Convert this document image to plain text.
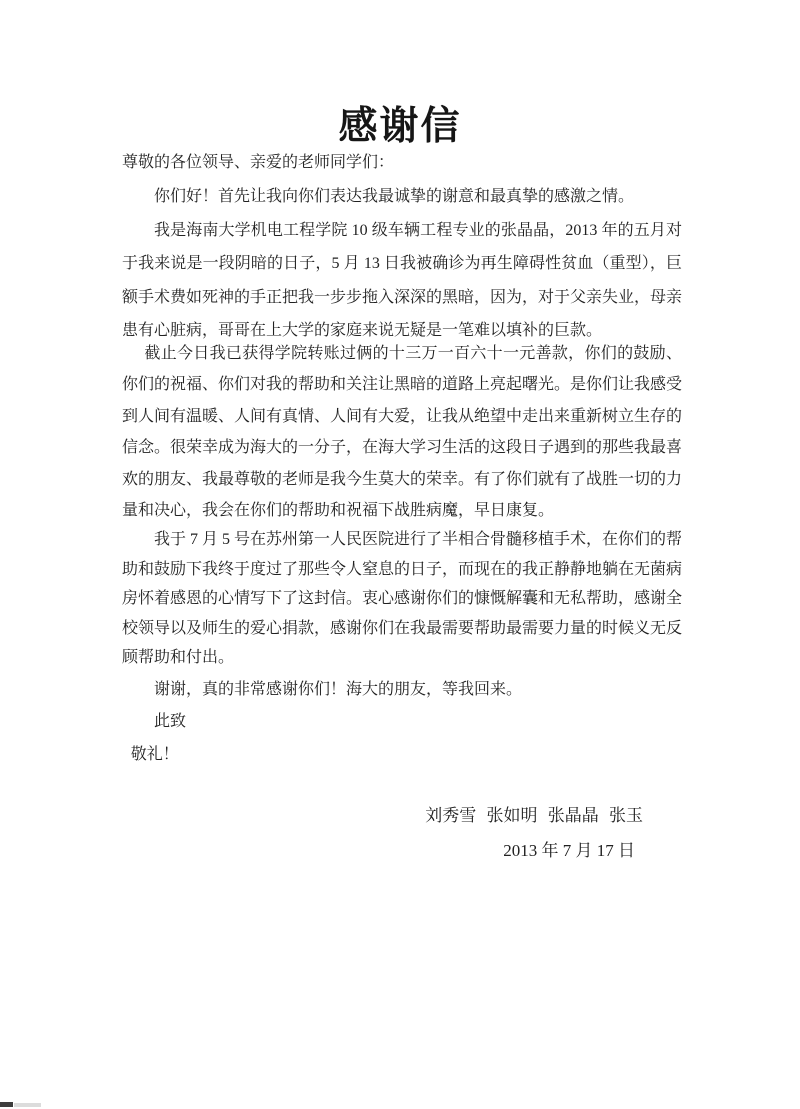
感谢信

尊敬的各位领导、亲爱的老师同学们：

你们好！首先让我向你们表达我最诚挚的谢意和最真挚的感激之情。

我是海南大学机电工程学院 10 级车辆工程专业的张晶晶，2013 年的五月对于我来说是一段阴暗的日子，5 月 13 日我被确诊为再生障碍性贫血（重型），巨额手术费如死神的手正把我一步步拖入深深的黑暗，因为，对于父亲失业，母亲患有心脏病，哥哥在上大学的家庭来说无疑是一笔难以填补的巨款。

截止今日我已获得学院转账过俩的十三万一百六十一元善款，你们的鼓励、你们的祝福、你们对我的帮助和关注让黑暗的道路上亮起曙光。是你们让我感受到人间有温暖、人间有真情、人间有大爱，让我从绝望中走出来重新树立生存的信念。很荣幸成为海大的一分子，在海大学习生活的这段日子遇到的那些我最喜欢的朋友、我最尊敬的老师是我今生莫大的荣幸。有了你们就有了战胜一切的力量和决心，我会在你们的帮助和祝福下战胜病魔，早日康复。

我于 7 月 5 号在苏州第一人民医院进行了半相合骨髓移植手术，在你们的帮助和鼓励下我终于度过了那些令人窒息的日子，而现在的我正静静地躺在无菌病房怀着感恩的心情写下了这封信。衷心感谢你们的慷慨解囊和无私帮助，感谢全校领导以及师生的爱心捐款，感谢你们在我最需要帮助最需要力量的时候义无反顾帮助和付出。

谢谢，真的非常感谢你们！海大的朋友，等我回来。

此致

敬礼！

刘秀雪 张如明 张晶晶 张玉
2013 年 7 月 17 日
